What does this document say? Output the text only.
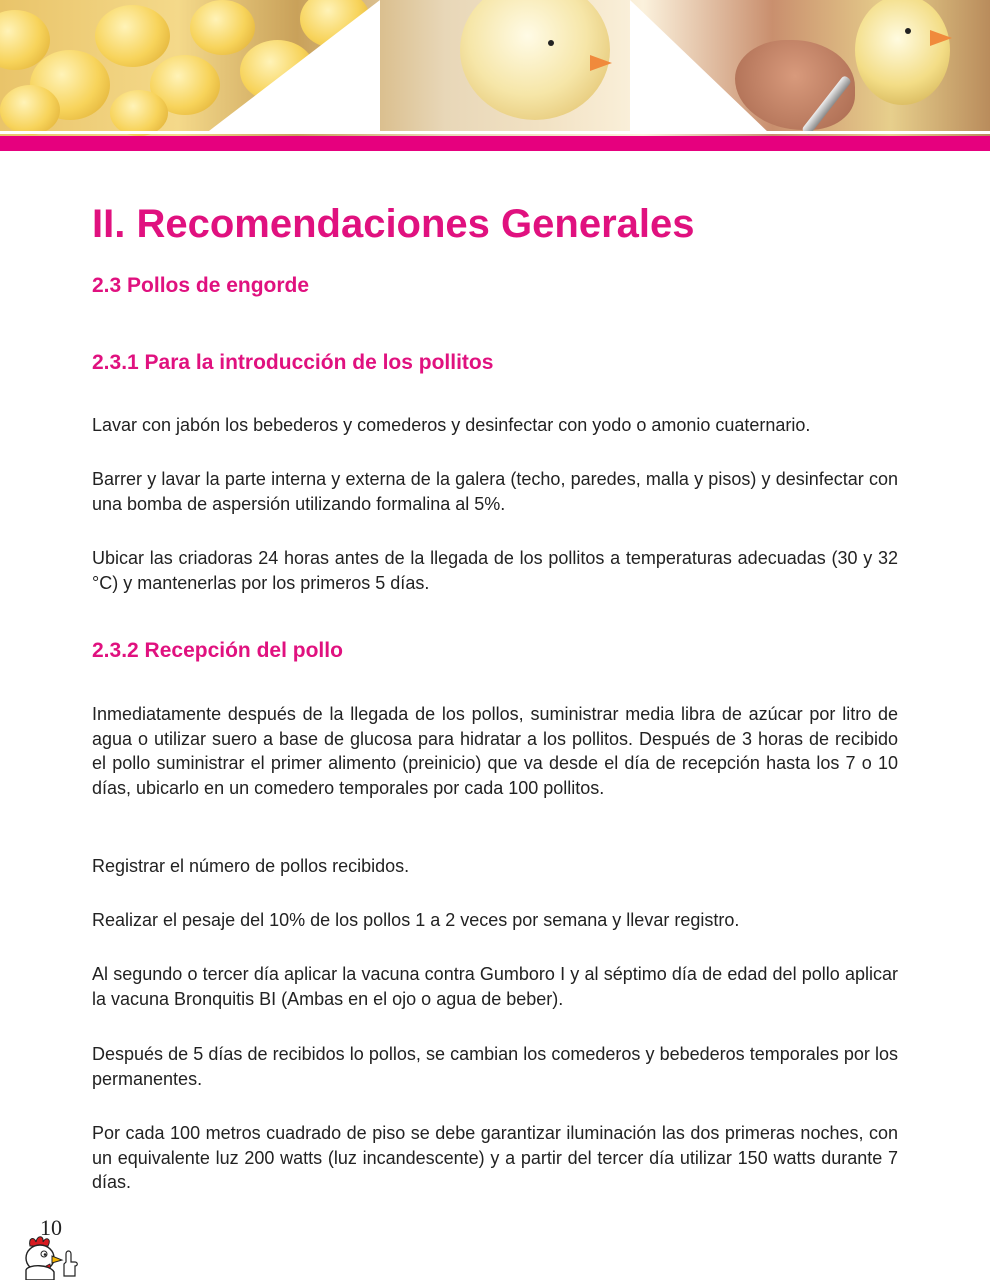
II. Recomendaciones Generales
2.3 Pollos de engorde
2.3.1 Para la introducción de los pollitos

Lavar con jabón los bebederos y comederos y desinfectar con yodo o amonio cuaternario.

Barrer y lavar la parte interna y externa de la galera (techo, paredes, malla y pisos) y desinfectar con una bomba de aspersión utilizando formalina al 5%.

Ubicar las criadoras 24 horas antes de la llegada de los pollitos a temperaturas adecuadas (30 y 32 °C) y mantenerlas por los primeros 5 días.

2.3.2 Recepción del pollo

Inmediatamente después de la llegada de los pollos, suministrar media libra de azúcar por litro de agua o utilizar suero a base de glucosa para hidratar a los pollitos. Después de 3 horas de recibido el pollo suministrar el primer alimento (preinicio) que va desde el día de recepción hasta los 7 o 10 días, ubicarlo en un comedero temporales por cada 100 pollitos.

Registrar el número de pollos recibidos.

Realizar el pesaje del 10% de los pollos 1 a 2 veces por semana y llevar registro.

Al segundo o tercer día aplicar la vacuna contra Gumboro I y al séptimo día de edad del pollo aplicar la vacuna Bronquitis BI (Ambas en el ojo o agua de beber).

Después de 5 días de recibidos lo pollos, se cambian los comederos y bebederos temporales por los permanentes.

Por cada 100 metros cuadrado de piso se debe garantizar iluminación las dos primeras noches, con un equivalente luz 200 watts (luz incandescente) y a partir del tercer día utilizar 150 watts durante 7 días.

10
